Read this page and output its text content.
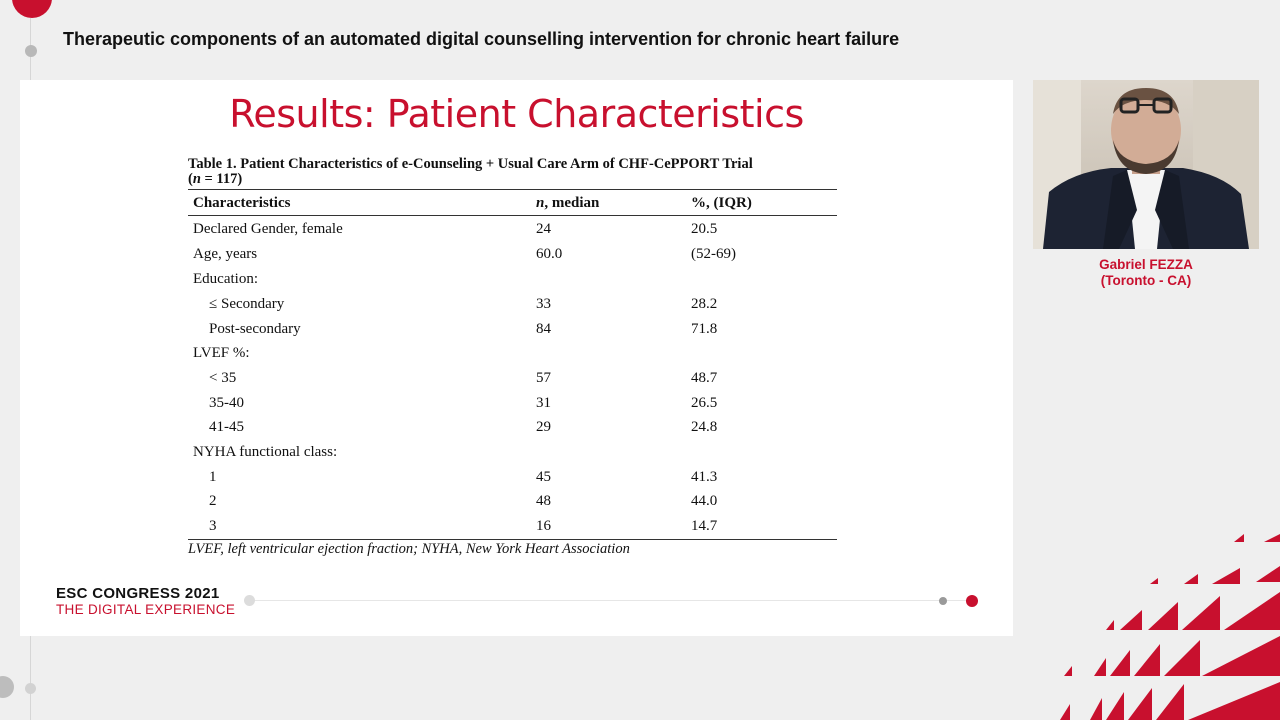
Therapeutic components of an automated digital counselling intervention for chronic heart failure
Results: Patient Characteristics
Table 1. Patient Characteristics of e-Counseling + Usual Care Arm of CHF-CePPORT Trial
(n = 117)
Characteristics	n, median	%, (IQR)
Declared Gender, female	24	20.5
Age, years	60.0	(52-69)
Education:
≤ Secondary	33	28.2
Post-secondary	84	71.8
LVEF %:
< 35	57	48.7
35-40	31	26.5
41-45	29	24.8
NYHA functional class:
1	45	41.3
2	48	44.0
3	16	14.7
LVEF, left ventricular ejection fraction; NYHA, New York Heart Association
ESC CONGRESS 2021
THE DIGITAL EXPERIENCE
Gabriel FEZZA
(Toronto - CA)
